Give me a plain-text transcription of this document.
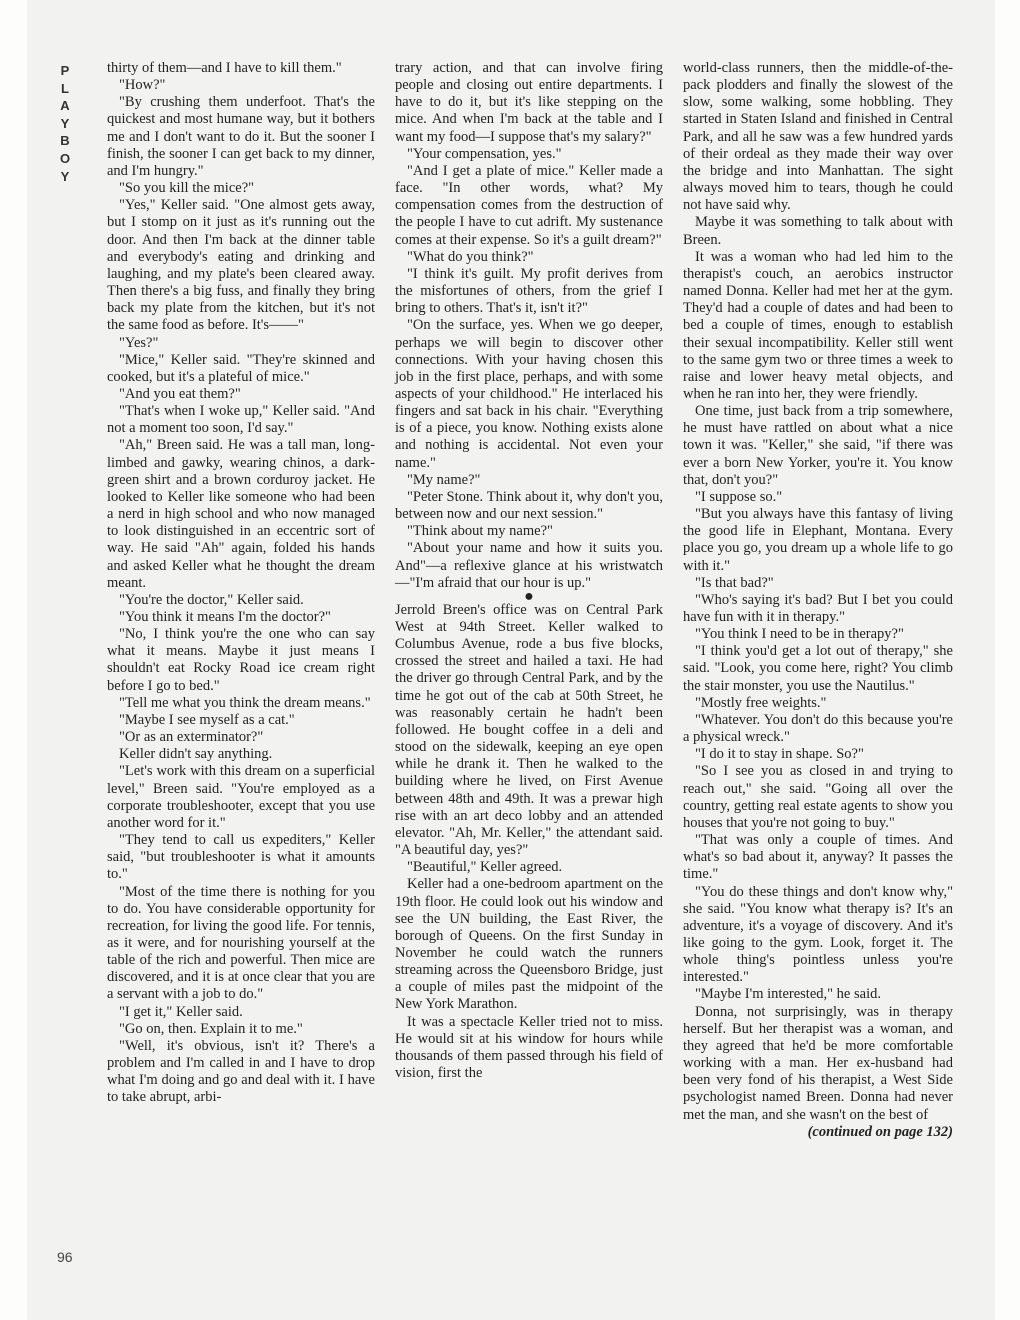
P
L
A
Y
B
O
Y

thirty of them—and I have to kill them."

"How?"

"By crushing them underfoot. That's the quickest and most humane way, but it bothers me and I don't want to do it. But the sooner I finish, the sooner I can get back to my dinner, and I'm hungry."

"So you kill the mice?"

"Yes," Keller said. "One almost gets away, but I stomp on it just as it's running out the door. And then I'm back at the dinner table and everybody's eating and drinking and laughing, and my plate's been cleared away. Then there's a big fuss, and finally they bring back my plate from the kitchen, but it's not the same food as before. It's——"

"Yes?"

"Mice," Keller said. "They're skinned and cooked, but it's a plateful of mice."

"And you eat them?"

"That's when I woke up," Keller said. "And not a moment too soon, I'd say."

"Ah," Breen said. He was a tall man, long-limbed and gawky, wearing chinos, a dark-green shirt and a brown corduroy jacket. He looked to Keller like someone who had been a nerd in high school and who now managed to look distinguished in an eccentric sort of way. He said "Ah" again, folded his hands and asked Keller what he thought the dream meant.

"You're the doctor," Keller said.

"You think it means I'm the doctor?"

"No, I think you're the one who can say what it means. Maybe it just means I shouldn't eat Rocky Road ice cream right before I go to bed."

"Tell me what you think the dream means."

"Maybe I see myself as a cat."

"Or as an exterminator?"

Keller didn't say anything.

"Let's work with this dream on a superficial level," Breen said. "You're employed as a corporate troubleshooter, except that you use another word for it."

"They tend to call us expediters," Keller said, "but troubleshooter is what it amounts to."

"Most of the time there is nothing for you to do. You have considerable opportunity for recreation, for living the good life. For tennis, as it were, and for nourishing yourself at the table of the rich and powerful. Then mice are discovered, and it is at once clear that you are a servant with a job to do."

"I get it," Keller said.

"Go on, then. Explain it to me."

"Well, it's obvious, isn't it? There's a problem and I'm called in and I have to drop what I'm doing and go and deal with it. I have to take abrupt, arbi-

trary action, and that can involve firing people and closing out entire departments. I have to do it, but it's like stepping on the mice. And when I'm back at the table and I want my food—I suppose that's my salary?"

"Your compensation, yes."

"And I get a plate of mice." Keller made a face. "In other words, what? My compensation comes from the destruction of the people I have to cut adrift. My sustenance comes at their expense. So it's a guilt dream?"

"What do you think?"

"I think it's guilt. My profit derives from the misfortunes of others, from the grief I bring to others. That's it, isn't it?"

"On the surface, yes. When we go deeper, perhaps we will begin to discover other connections. With your having chosen this job in the first place, perhaps, and with some aspects of your childhood." He interlaced his fingers and sat back in his chair. "Everything is of a piece, you know. Nothing exists alone and nothing is accidental. Not even your name."

"My name?"

"Peter Stone. Think about it, why don't you, between now and our next session."

"Think about my name?"

"About your name and how it suits you. And"—a reflexive glance at his wristwatch—"I'm afraid that our hour is up."

●

Jerrold Breen's office was on Central Park West at 94th Street. Keller walked to Columbus Avenue, rode a bus five blocks, crossed the street and hailed a taxi. He had the driver go through Central Park, and by the time he got out of the cab at 50th Street, he was reasonably certain he hadn't been followed. He bought coffee in a deli and stood on the sidewalk, keeping an eye open while he drank it. Then he walked to the building where he lived, on First Avenue between 48th and 49th. It was a prewar high rise with an art deco lobby and an attended elevator. "Ah, Mr. Keller," the attendant said. "A beautiful day, yes?"

"Beautiful," Keller agreed.

Keller had a one-bedroom apartment on the 19th floor. He could look out his window and see the UN building, the East River, the borough of Queens. On the first Sunday in November he could watch the runners streaming across the Queensboro Bridge, just a couple of miles past the midpoint of the New York Marathon.

It was a spectacle Keller tried not to miss. He would sit at his window for hours while thousands of them passed through his field of vision, first the

world-class runners, then the middle-of-the-pack plodders and finally the slowest of the slow, some walking, some hobbling. They started in Staten Island and finished in Central Park, and all he saw was a few hundred yards of their ordeal as they made their way over the bridge and into Manhattan. The sight always moved him to tears, though he could not have said why.

Maybe it was something to talk about with Breen.

It was a woman who had led him to the therapist's couch, an aerobics instructor named Donna. Keller had met her at the gym. They'd had a couple of dates and had been to bed a couple of times, enough to establish their sexual incompatibility. Keller still went to the same gym two or three times a week to raise and lower heavy metal objects, and when he ran into her, they were friendly.

One time, just back from a trip somewhere, he must have rattled on about what a nice town it was. "Keller," she said, "if there was ever a born New Yorker, you're it. You know that, don't you?"

"I suppose so."

"But you always have this fantasy of living the good life in Elephant, Montana. Every place you go, you dream up a whole life to go with it."

"Is that bad?"

"Who's saying it's bad? But I bet you could have fun with it in therapy."

"You think I need to be in therapy?"

"I think you'd get a lot out of therapy," she said. "Look, you come here, right? You climb the stair monster, you use the Nautilus."

"Mostly free weights."

"Whatever. You don't do this because you're a physical wreck."

"I do it to stay in shape. So?"

"So I see you as closed in and trying to reach out," she said. "Going all over the country, getting real estate agents to show you houses that you're not going to buy."

"That was only a couple of times. And what's so bad about it, anyway? It passes the time."

"You do these things and don't know why," she said. "You know what therapy is? It's an adventure, it's a voyage of discovery. And it's like going to the gym. Look, forget it. The whole thing's pointless unless you're interested."

"Maybe I'm interested," he said.

Donna, not surprisingly, was in therapy herself. But her therapist was a woman, and they agreed that he'd be more comfortable working with a man. Her ex-husband had been very fond of his therapist, a West Side psychologist named Breen. Donna had never met the man, and she wasn't on the best of

(continued on page 132)

96
